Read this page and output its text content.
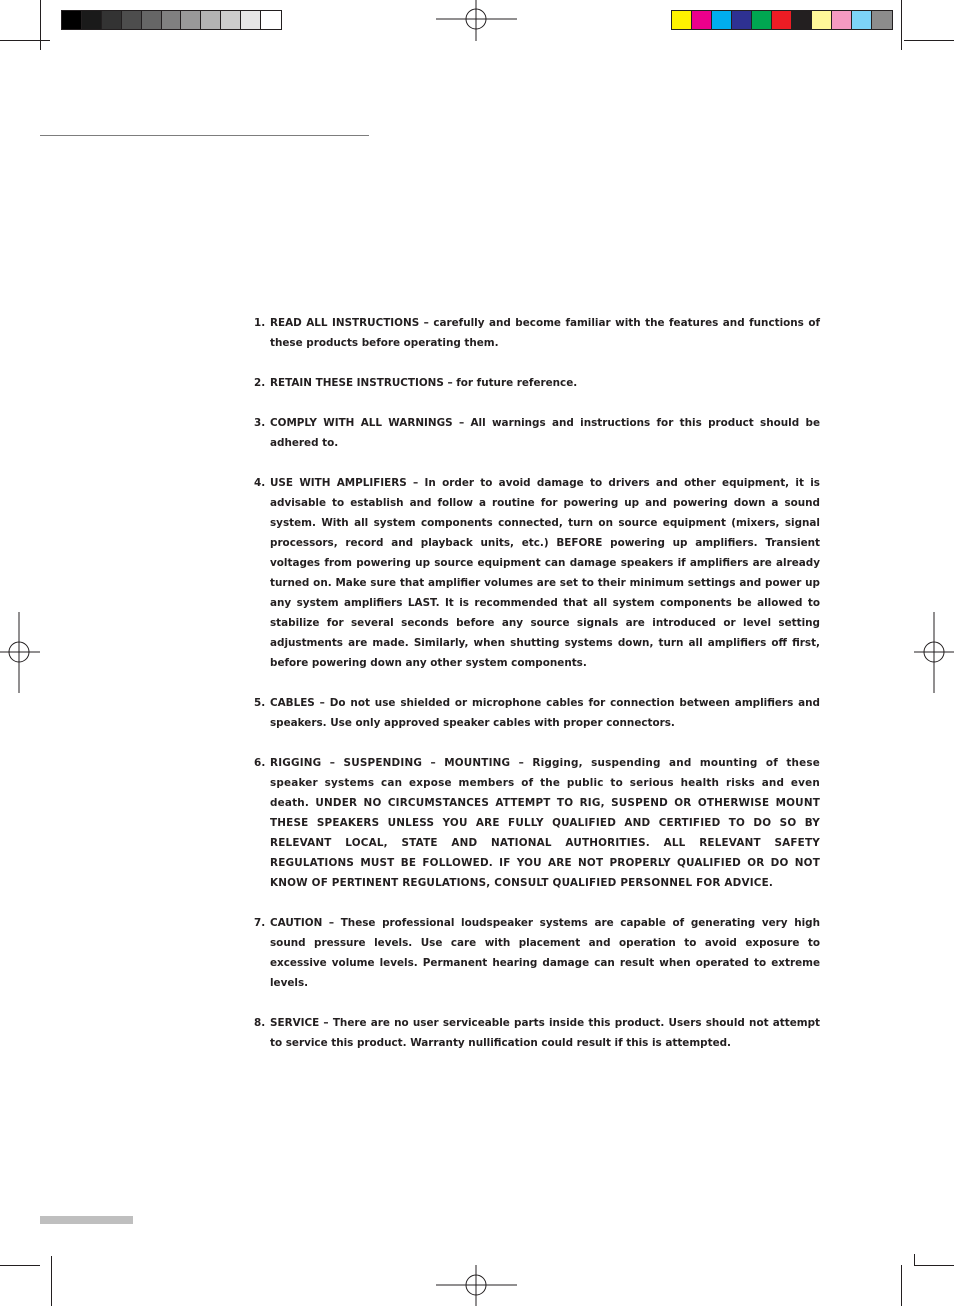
1. READ ALL INSTRUCTIONS – carefully and become familiar with the features and functions of these products before operating them.
2. RETAIN THESE INSTRUCTIONS – for future reference.
3. COMPLY WITH ALL WARNINGS – All warnings and instructions for this product should be adhered to.
4. USE WITH AMPLIFIERS – In order to avoid damage to drivers and other equipment, it is advisable to establish and follow a routine for powering up and powering down a sound system. With all system components connected, turn on source equipment (mixers, signal processors, record and playback units, etc.) BEFORE powering up amplifiers. Transient voltages from powering up source equipment can damage speakers if amplifiers are already turned on. Make sure that amplifier volumes are set to their minimum settings and power up any system amplifiers LAST. It is recommended that all system components be allowed to stabilize for several seconds before any source signals are introduced or level setting adjustments are made. Similarly, when shutting systems down, turn all amplifiers off first, before powering down any other system components.
5. CABLES – Do not use shielded or microphone cables for connection between amplifiers and speakers. Use only approved speaker cables with proper connectors.
6. RIGGING – SUSPENDING – MOUNTING – Rigging, suspending and mounting of these speaker systems can expose members of the public to serious health risks and even death. UNDER NO CIRCUMSTANCES ATTEMPT TO RIG, SUSPEND OR OTHERWISE MOUNT THESE SPEAKERS UNLESS YOU ARE FULLY QUALIFIED AND CERTIFIED TO DO SO BY RELEVANT LOCAL, STATE AND NATIONAL AUTHORITIES. ALL RELEVANT SAFETY REGULATIONS MUST BE FOLLOWED. IF YOU ARE NOT PROPERLY QUALIFIED OR DO NOT KNOW OF PERTINENT REGULATIONS, CONSULT QUALIFIED PERSONNEL FOR ADVICE.
7. CAUTION – These professional loudspeaker systems are capable of generating very high sound pressure levels. Use care with placement and operation to avoid exposure to excessive volume levels. Permanent hearing damage can result when operated to extreme levels.
8. SERVICE – There are no user serviceable parts inside this product. Users should not attempt to service this product. Warranty nullification could result if this is attempted.
